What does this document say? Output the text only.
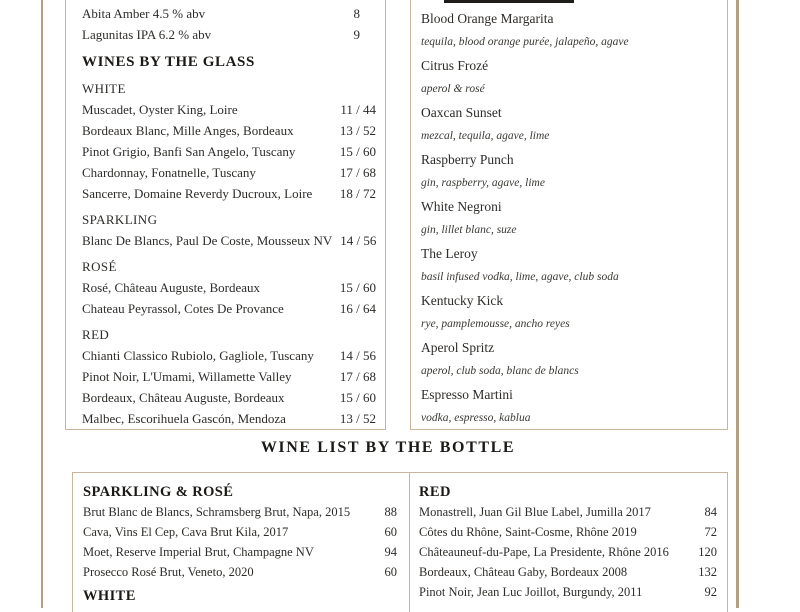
Abita Amber 4.5 % abv	8
Lagunitas IPA 6.2 % abv	9
WINES BY THE GLASS
WHITE
Muscadet, Oyster King, Loire	11 / 44
Bordeaux Blanc, Mille Anges, Bordeaux	13 / 52
Pinot Grigio, Banfi San Angelo, Tuscany	15 / 60
Chardonnay, Fonatnelle, Tuscany	17 / 68
Sancerre, Domaine Reverdy Ducroux, Loire	18 / 72
SPARKLING
Blanc De Blancs, Paul De Coste, Mousseux NV 14 / 56
ROSÉ
Rosé, Château Auguste, Bordeaux	15 / 60
Chateau Peyrassol, Cotes De Provance	16 / 64
RED
Chianti Classico Rubiolo, Gagliole, Tuscany	14 / 56
Pinot Noir, L'Umami, Willamette Valley	17 / 68
Bordeaux, Château Auguste, Bordeaux	15 / 60
Malbec, Escorihuela Gascón, Mendoza	13 / 52
Blood Orange Margarita
tequila, blood orange purée, jalapeño, agave
Citrus Frozé
aperol & rosé
Oaxcan Sunset
mezcal, tequila, agave, lime
Raspberry Punch
gin, raspberry, agave, lime
White Negroni
gin, lillet blanc, suze
The Leroy
basil infused vodka, lime, agave, club soda
Kentucky Kick
rye, pamplemousse, ancho reyes
Aperol Spritz
aperol, club soda, blanc de blancs
Espresso Martini
vodka, espresso, kablua
WINE LIST BY THE BOTTLE
SPARKLING & ROSÉ
Brut Blanc de Blancs, Schramsberg Brut, Napa, 2015	88
Cava, Vins El Cep, Cava Brut Kila, 2017	60
Moet, Reserve Imperial Brut, Champagne NV	94
Prosecco Rosé Brut, Veneto, 2020	60
WHITE
RED
Monastrell, Juan Gil Blue Label, Jumilla 2017	84
Côtes du Rhône, Saint-Cosme, Rhône 2019	72
Châteauneuf-du-Pape, La Presidente, Rhône 2016	120
Bordeaux, Château Gaby, Bordeaux 2008	132
Pinot Noir, Jean Luc Joillot, Burgundy, 2011	92
